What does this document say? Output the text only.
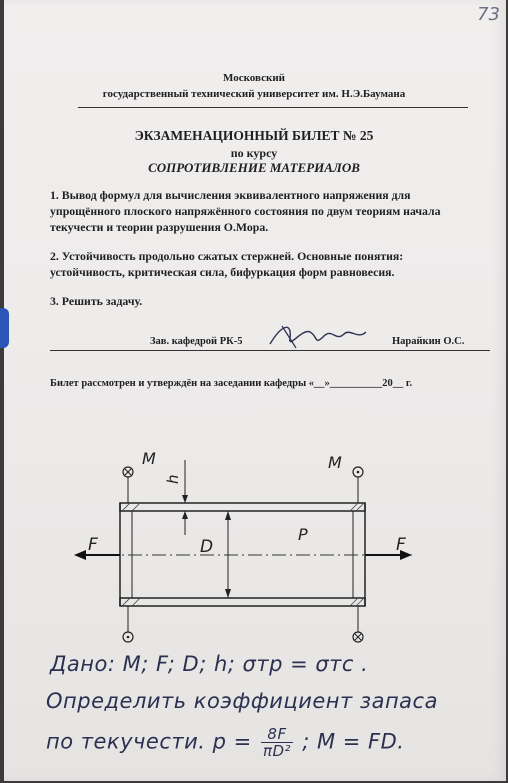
73
Московский
государственный технический университет им. Н.Э.Баумана
ЭКЗАМЕНАЦИОННЫЙ БИЛЕТ № 25
по курсу
СОПРОТИВЛЕНИЕ МАТЕРИАЛОВ
1. Вывод формул для вычисления эквивалентного напряжения для упрощённого плоского напряжённого состояния по двум теориям начала текучести и теории разрушения О.Мора.
2. Устойчивость продольно сжатых стержней. Основные понятия: устойчивость, критическая сила, бифуркация форм равновесия.
3. Решить задачу.
Зав. кафедрой РК-5	Нарайкин О.С.
Билет рассмотрен и утверждён на заседании кафедры «__»__________20__ г.
M	M
h
D
P
F	F
Дано: M; F; D; h; σтр = σтс .
Определить коэффициент запаса
по текучести. $p = \frac{8F}{\text{πD²}}$ ; M = FD.
